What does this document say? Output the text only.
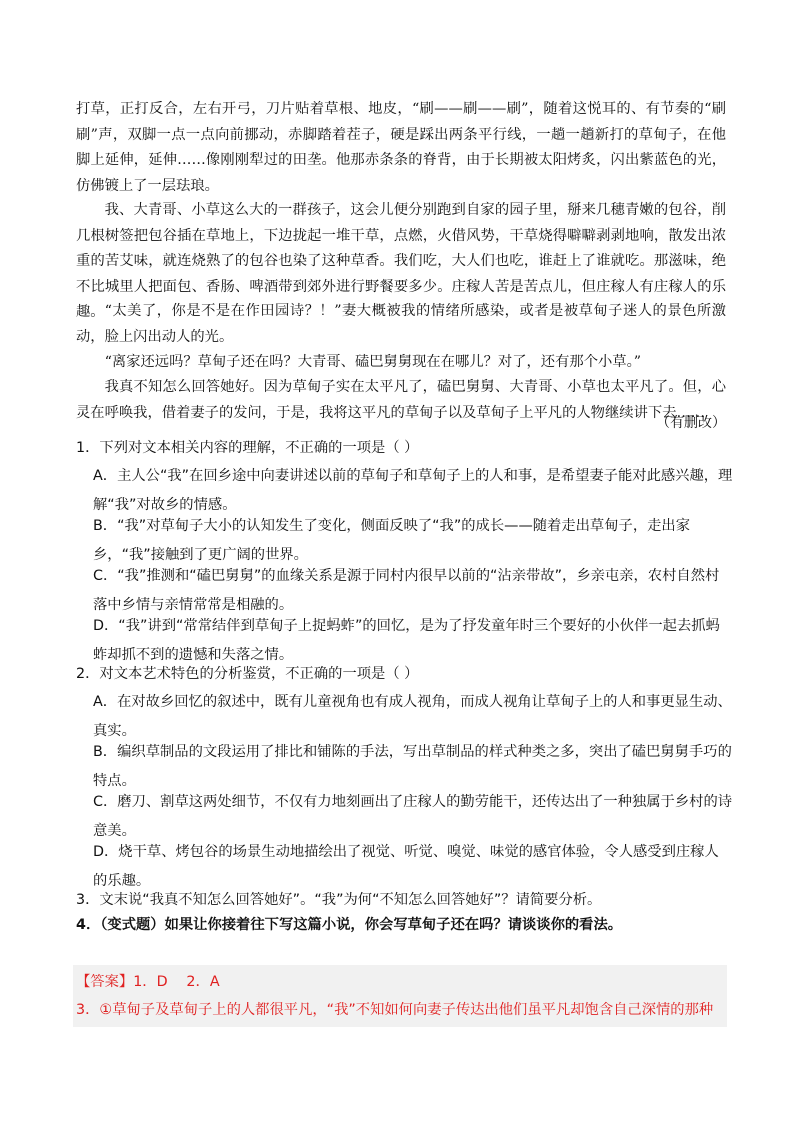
打草，正打反合，左右开弓，刀片贴着草根、地皮，“刷——刷——刷”，随着这悦耳的、有节奏的“刷刷”声，双脚一点一点向前挪动，赤脚踏着茬子，硬是踩出两条平行线，一趟一趟新打的草甸子，在他脚上延伸，延伸……像刚刚犁过的田垄。他那赤条条的脊背，由于长期被太阳烤炙，闪出紫蓝色的光，仿佛镀上了一层珐琅。

我、大青哥、小草这么大的一群孩子，这会儿便分别跑到自家的园子里，掰来几穗青嫩的包谷，削几根树签把包谷插在草地上，下边拢起一堆干草，点燃，火借风势，干草烧得噼噼剥剥地响，散发出浓重的苦艾味，就连烧熟了的包谷也染了这种草香。我们吃，大人们也吃，谁赶上了谁就吃。那滋味，绝不比城里人把面包、香肠、啤酒带到郊外进行野餐要多少。庄稼人苦是苦点儿，但庄稼人有庄稼人的乐趣。 “太美了，你是不是在作田园诗？！”妻大概被我的情绪所感染，或者是被草甸子迷人的景色所激动，脸上闪出动人的光。

“离家还远吗？草甸子还在吗？大青哥、磕巴舅舅现在在哪儿？对了，还有那个小草。”

我真不知怎么回答她好。因为草甸子实在太平凡了，磕巴舅舅、大青哥、小草也太平凡了。但，心灵在呼唤我，借着妻子的发问，于是，我将这平凡的草甸子以及草甸子上平凡的人物继续讲下去……

（有删改）

1．下列对文本相关内容的理解，不正确的一项是（ ）

A．主人公“我”在回乡途中向妻讲述以前的草甸子和草甸子上的人和事，是希望妻子能对此感兴趣，理解“我”对故乡的情感。

B．“我”对草甸子大小的认知发生了变化，侧面反映了“我”的成长——随着走出草甸子，走出家乡，“我”接触到了更广阔的世界。

C．“我”推测和“磕巴舅舅”的血缘关系是源于同村内很早以前的“沾亲带故”，乡亲屯亲，农村自然村落中乡情与亲情常常是相融的。

D．“我”讲到“常常结伴到草甸子上捉蚂蚱”的回忆，是为了抒发童年时三个要好的小伙伴一起去抓蚂蚱却抓不到的遗憾和失落之情。

2．对文本艺术特色的分析鉴赏，不正确的一项是（ ）

A．在对故乡回忆的叙述中，既有儿童视角也有成人视角，而成人视角让草甸子上的人和事更显生动、真实。

B．编织草制品的文段运用了排比和铺陈的手法，写出草制品的样式种类之多，突出了磕巴舅舅手巧的特点。

C．磨刀、割草这两处细节，不仅有力地刻画出了庄稼人的勤劳能干，还传达出了一种独属于乡村的诗意美。

D．烧干草、烤包谷的场景生动地描绘出了视觉、听觉、嗅觉、味觉的感官体验，令人感受到庄稼人的乐趣。

3．文末说“我真不知怎么回答她好”。“我”为何“不知怎么回答她好”？请简要分析。

4．（变式题）如果让你接着往下写这篇小说，你会写草甸子还在吗？请谈谈你的看法。

【答案】1．D　 2．A
3．①草甸子及草甸子上的人都很平凡，“我”不知如何向妻子传达出他们虽平凡却饱含自己深情的那种
